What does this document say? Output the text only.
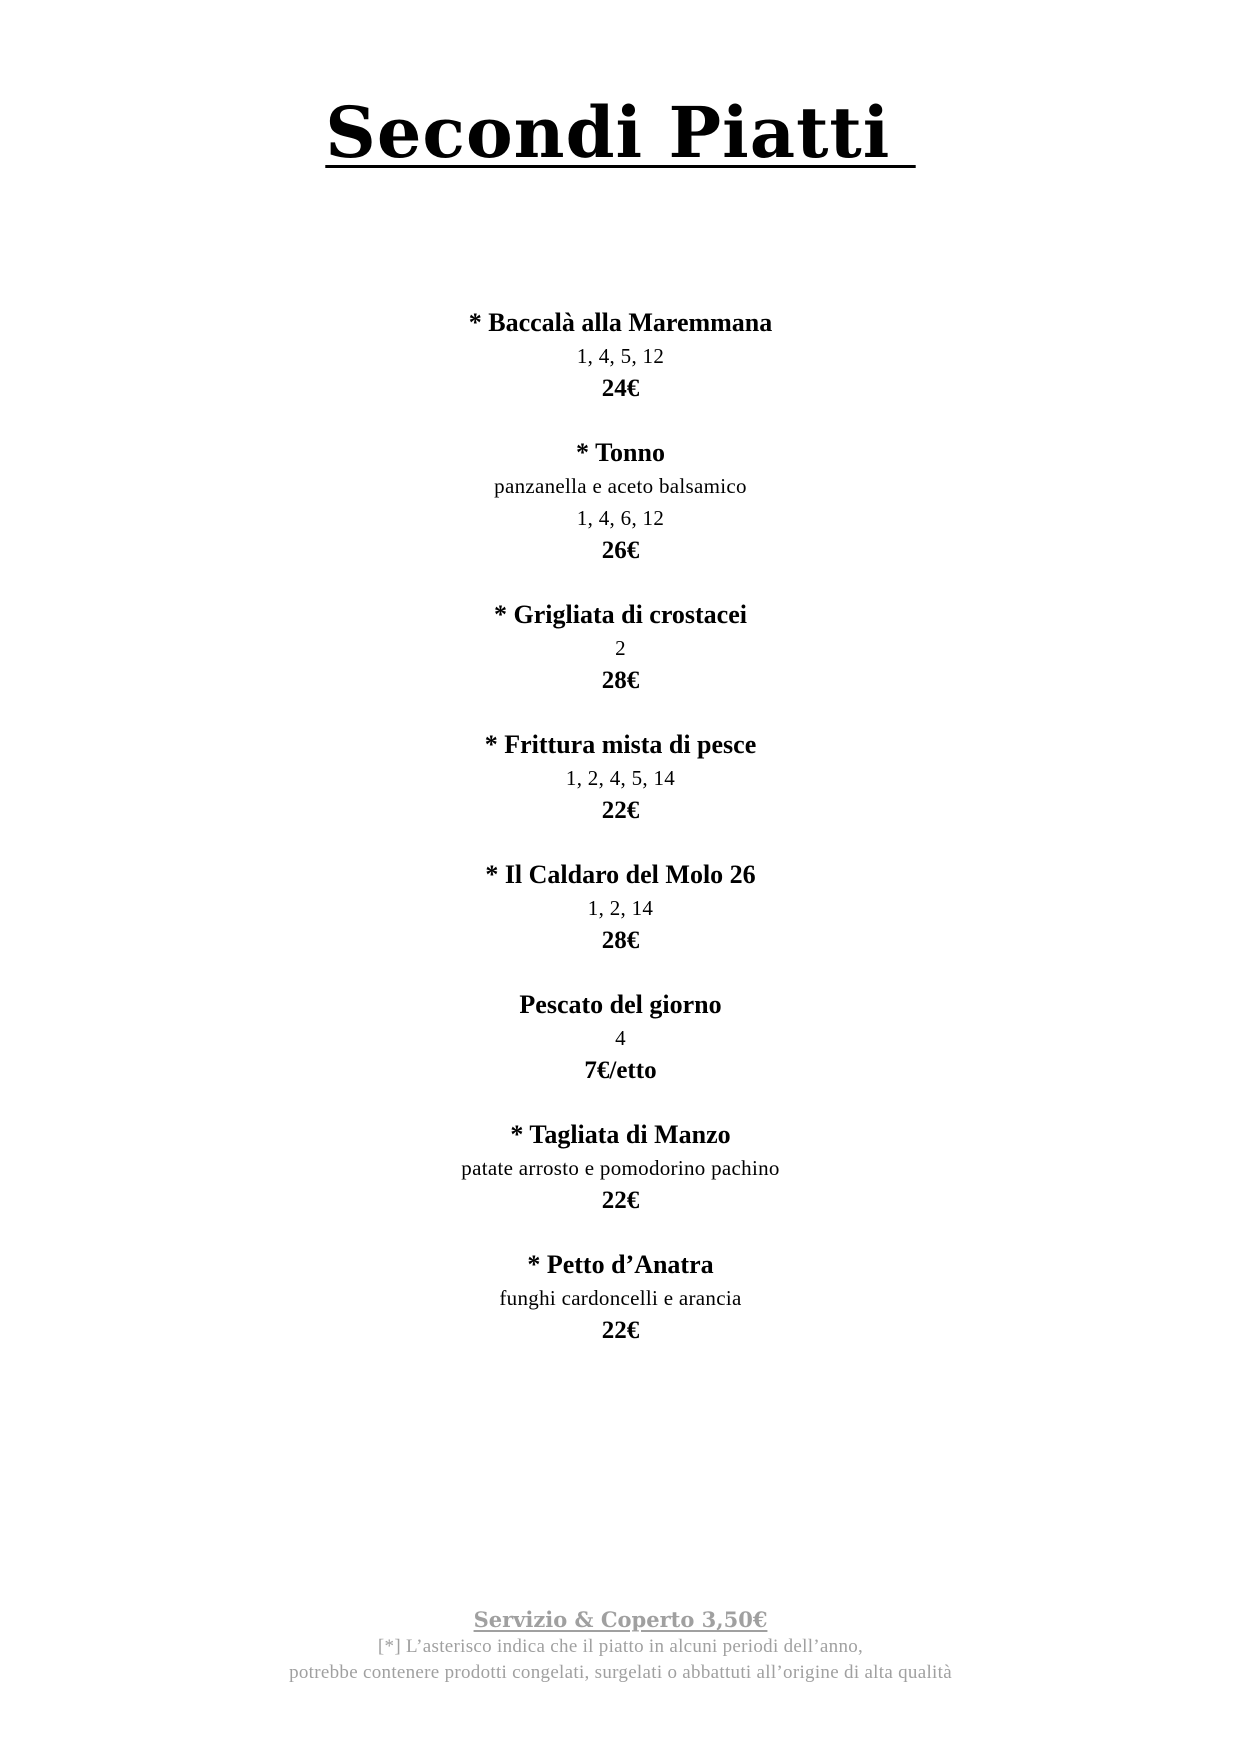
Secondi Piatti
* Baccalà alla Maremmana
1, 4, 5, 12
24€
* Tonno
panzanella e aceto balsamico
1, 4, 6, 12
26€
* Grigliata di crostacei
2
28€
* Frittura mista di pesce
1, 2, 4, 5, 14
22€
* Il Caldaro del Molo 26
1, 2, 14
28€
Pescato del giorno
4
7€/etto
* Tagliata di Manzo
patate arrosto e pomodorino pachino
22€
* Petto d’Anatra
funghi cardoncelli e arancia
22€
Servizio & Coperto 3,50€
[*] L’asterisco indica che il piatto in alcuni periodi dell’anno,
potrebbe contenere prodotti congelati, surgelati o abbattuti all’origine di alta qualità
